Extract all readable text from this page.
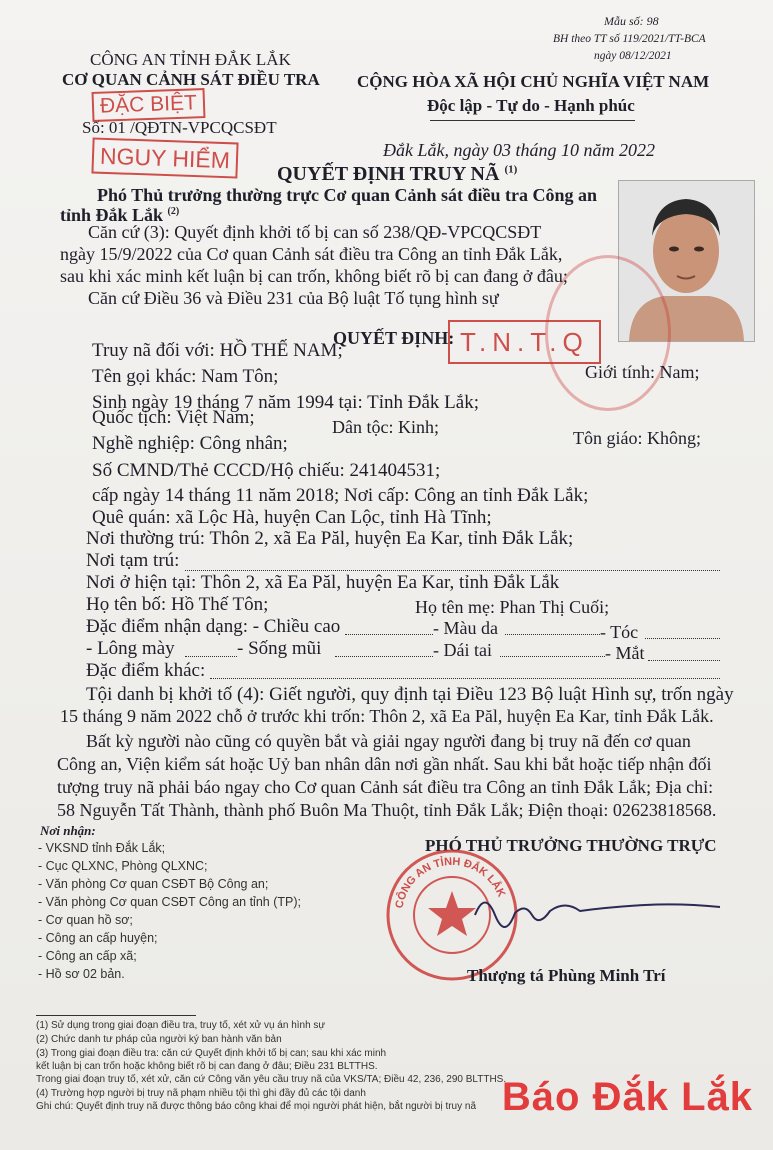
Mẫu số: 98
BH theo TT số 119/2021/TT-BCA
ngày 08/12/2021
CÔNG AN TỈNH ĐẮK LẮK
CƠ QUAN CẢNH SÁT ĐIỀU TRA
Số: 01 /QĐTN-VPCQCSĐT
ĐẶC BIỆT
NGUY HIỂM
CỘNG HÒA XÃ HỘI CHỦ NGHĨA VIỆT NAM
Độc lập - Tự do - Hạnh phúc
Đắk Lắk, ngày 03 tháng 10 năm 2022
QUYẾT ĐỊNH TRUY NÃ $^{(1)}$
Phó Thủ trưởng thường trực Cơ quan Cảnh sát điều tra Công an
tỉnh Đắk Lắk $^{(2)}$
Căn cứ (3): Quyết định khởi tố bị can số 238/QĐ-VPCQCSĐT
ngày 15/9/2022 của Cơ quan Cảnh sát điều tra Công an tỉnh Đắk Lắk,
sau khi xác minh kết luận bị can trốn, không biết rõ bị can đang ở đâu;
Căn cứ Điều 36 và Điều 231 của Bộ luật Tố tụng hình sự
QUYẾT ĐỊNH: T.N.T.Q
Truy nã đối với: HỒ THẾ NAM;
Giới tính: Nam;
Tên gọi khác: Nam Tôn;
Sinh ngày 19 tháng 7 năm 1994 tại: Tỉnh Đắk Lắk;
Quốc tịch: Việt Nam;	Dân tộc: Kinh;
Tôn giáo: Không;
Nghề nghiệp: Công nhân;
Số CMND/Thẻ CCCD/Hộ chiếu: 241404531;
cấp ngày 14 tháng 11 năm 2018; Nơi cấp: Công an tỉnh Đắk Lắk;
Quê quán: xã Lộc Hà, huyện Can Lộc, tỉnh Hà Tĩnh;
Nơi thường trú: Thôn 2, xã Ea Păl, huyện Ea Kar, tỉnh Đắk Lắk;
Nơi tạm trú:
Nơi ở hiện tại: Thôn 2, xã Ea Păl, huyện Ea Kar, tỉnh Đắk Lắk
Họ tên bố: Hồ Thế Tôn;	Họ tên mẹ: Phan Thị Cuối;
Đặc điểm nhận dạng: - Chiều cao	- Màu da	- Tóc
- Lông mày	- Sống mũi	- Dái tai	- Mắt
Đặc điểm khác:
Tội danh bị khởi tố (4): Giết người, quy định tại Điều 123 Bộ luật Hình sự, trốn ngày
15 tháng 9 năm 2022 chỗ ở trước khi trốn: Thôn 2, xã Ea Păl, huyện Ea Kar, tỉnh Đắk Lắk.
Bất kỳ người nào cũng có quyền bắt và giải ngay người đang bị truy nã đến cơ quan
Công an, Viện kiểm sát hoặc Uỷ ban nhân dân nơi gần nhất. Sau khi bắt hoặc tiếp nhận đối
tượng truy nã phải báo ngay cho Cơ quan Cảnh sát điều tra Công an tỉnh Đắk Lắk; Địa chỉ:
58 Nguyễn Tất Thành, thành phố Buôn Ma Thuột, tỉnh Đắk Lắk; Điện thoại: 02623818568.
Nơi nhận:
- VKSND tỉnh Đắk Lắk;
- Cục QLXNC, Phòng QLXNC;
- Văn phòng Cơ quan CSĐT Bộ Công an;
- Văn phòng Cơ quan CSĐT Công an tỉnh (TP);
- Cơ quan hồ sơ;
- Công an cấp huyện;
- Công an cấp xã;
- Hồ sơ 02 bản.
PHÓ THỦ TRƯỞNG THƯỜNG TRỰC
CÔNG AN TỈNH ĐẮK LẮK
Thượng tá Phùng Minh Trí
(1) Sử dụng trong giai đoạn điều tra, truy tố, xét xử vụ án hình sự
(2) Chức danh tư pháp của người ký ban hành văn bản
(3) Trong giai đoạn điều tra: căn cứ Quyết định khởi tố bị can; sau khi xác minh
kết luận bị can trốn hoặc không biết rõ bị can đang ở đâu; Điều 231 BLTTHS.
Trong giai đoạn truy tố, xét xử, căn cứ Công văn yêu cầu truy nã của VKS/TA; Điều 42, 236, 290 BLTTHS.
(4) Trường hợp người bị truy nã phạm nhiều tội thì ghi đầy đủ các tội danh
Ghi chú: Quyết định truy nã được thông báo công khai để mọi người phát hiện, bắt người bị truy nã Báo Đắk Lắk
